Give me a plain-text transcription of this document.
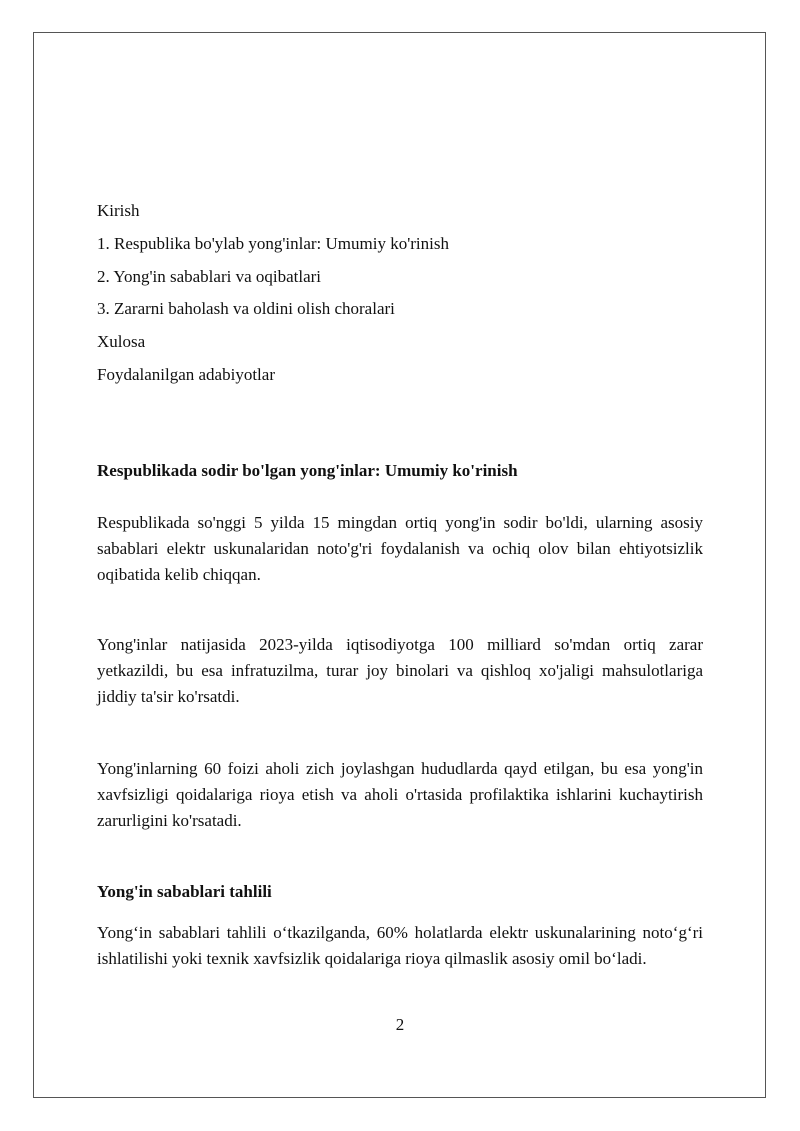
Kirish
1. Respublika bo'ylab yong'inlar: Umumiy ko'rinish
2. Yong'in sabablari va oqibatlari
3. Zararni baholash va oldini olish choralari
Xulosa
Foydalanilgan adabiyotlar
Respublikada sodir bo'lgan yong'inlar: Umumiy ko'rinish

Respublikada so'nggi 5 yilda 15 mingdan ortiq yong'in sodir bo'ldi, ularning asosiy sabablari elektr uskunalaridan noto'g'ri foydalanish va ochiq olov bilan ehtiyotsizlik oqibatida kelib chiqqan.

Yong'inlar natijasida 2023-yilda iqtisodiyotga 100 milliard so'mdan ortiq zarar yetkazildi, bu esa infratuzilma, turar joy binolari va qishloq xo'jaligi mahsulotlariga jiddiy ta'sir ko'rsatdi.

Yong'inlarning 60 foizi aholi zich joylashgan hududlarda qayd etilgan, bu esa yong'in xavfsizligi qoidalariga rioya etish va aholi o'rtasida profilaktika ishlarini kuchaytirish zarurligini ko'rsatadi.

Yong'in sabablari tahlili

Yong‘in sabablari tahlili o‘tkazilganda, 60% holatlarda elektr uskunalarining noto‘g‘ri ishlatilishi yoki texnik xavfsizlik qoidalariga rioya qilmaslik asosiy omil bo‘ladi.

2
